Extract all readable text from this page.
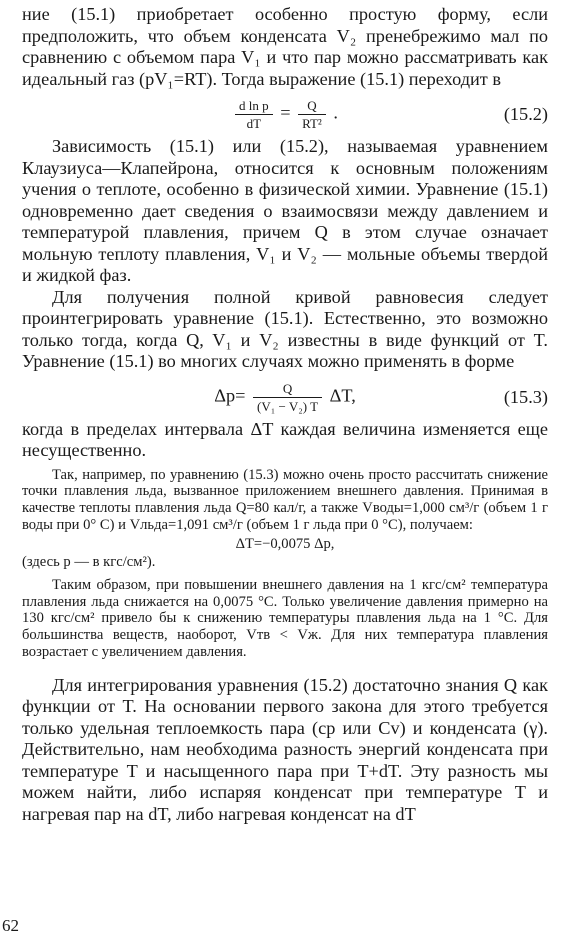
ние (15.1) приобретает особенно простую форму, если предположить, что объем конденсата V₂ пренебрежимо мал по сравнению с объемом пара V₁ и что пар можно рассматривать как идеальный газ (pV₁=RT). Тогда выражение (15.1) переходит в

$\frac{\text{d ln p}}{dT} = \frac{Q}{\text{RT²}}$ .	(15.2)

Зависимость (15.1) или (15.2), называемая уравнением Клаузиуса—Клапейрона, относится к основным положениям учения о теплоте, особенно в физической химии. Уравнение (15.1) одновременно дает сведения о взаимосвязи между давлением и температурой плавления, причем Q в этом случае означает мольную теплоту плавления, V₁ и V₂ — мольные объемы твердой и жидкой фаз.

Для получения полной кривой равновесия следует проинтегрировать уравнение (15.1). Естественно, это возможно только тогда, когда Q, V₁ и V₂ известны в виде функций от T. Уравнение (15.1) во многих случаях можно применять в форме

$\Delta p= \frac{Q}{\text{(V₁ − V₂) T}} \Delta T$,	(15.3)

когда в пределах интервала ΔT каждая величина изменяется еще несущественно.

Так, например, по уравнению (15.3) можно очень просто рассчитать снижение точки плавления льда, вызванное приложением внешнего давления. Принимая в качестве теплоты плавления льда Q=80 кал/г, а также Vводы=1,000 см³/г (объем 1 г воды при 0° С) и Vльда=1,091 см³/г (объем 1 г льда при 0 °С), получаем:

ΔT=−0,0075 Δp,

(здесь p — в кгс/см²).

Таким образом, при повышении внешнего давления на 1 кгс/см² температура плавления льда снижается на 0,0075 °С. Только увеличение давления примерно на 130 кгс/см² привело бы к снижению температуры плавления льда на 1 °С. Для большинства веществ, наоборот, Vтв < Vж. Для них температура плавления возрастает с увеличением давления.

Для интегрирования уравнения (15.2) достаточно знания Q как функции от T. На основании первого закона для этого требуется только удельная теплоемкость пара (cp или Cv) и конденсата (γ). Действительно, нам необходима разность энергий конденсата при температуре T и насыщенного пара при T+dT. Эту разность мы можем найти, либо испаряя конденсат при температуре T и нагревая пар на dT, либо нагревая конденсат на dT

62
